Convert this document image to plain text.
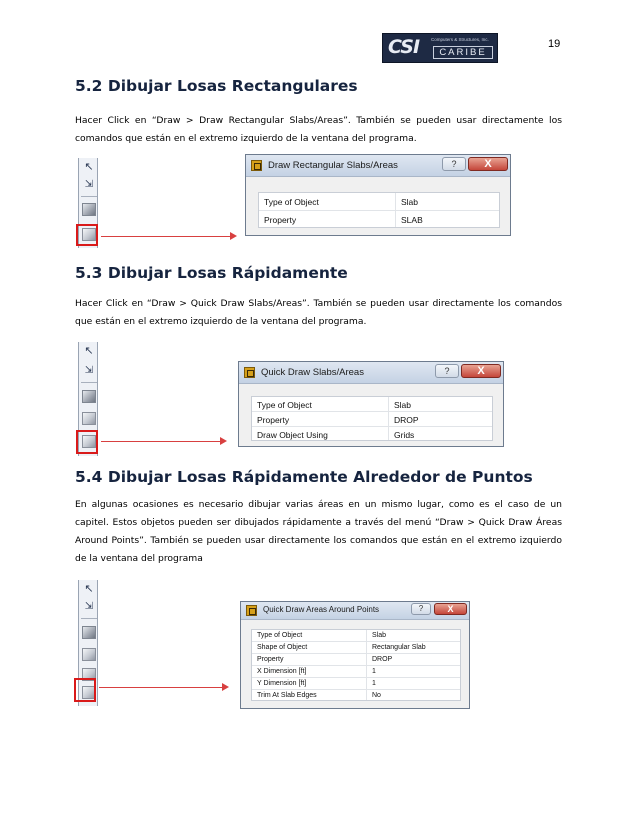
19
CSI	Computers & Structures, Inc.
CARIBE
5.2 Dibujar Losas Rectangulares

Hacer Click en “Draw > Draw Rectangular Slabs/Areas”. También se pueden usar directamente los comandos que están en el extremo izquierdo de la ventana del programa.

↖
⇲
Draw Rectangular Slabs/Areas	?	X
Type of Object	Slab
Property	SLAB
5.3 Dibujar Losas Rápidamente

Hacer Click en “Draw > Quick Draw Slabs/Areas”. También se pueden usar directamente los comandos que están en el extremo izquierdo de la ventana del programa.

↖
⇲	Quick Draw Slabs/Areas	?	X
Type of Object	Slab
Property	DROP
Draw Object Using	Grids
5.4 Dibujar Losas Rápidamente Alrededor de Puntos

En algunas ocasiones es necesario dibujar varias áreas en un mismo lugar, como es el caso de un capitel. Estos objetos pueden ser dibujados rápidamente a través del menú “Draw > Quick Draw Áreas Around Points”. También se pueden usar directamente los comandos que están en el extremo izquierdo de la ventana del programa

↖
⇲	Quick Draw Areas Around Points	?	X
Type of Object	Slab
Shape of Object	Rectangular Slab
Property	DROP
X Dimension [ft]	1
Y Dimension [ft]	1
Trim At Slab Edges	No
